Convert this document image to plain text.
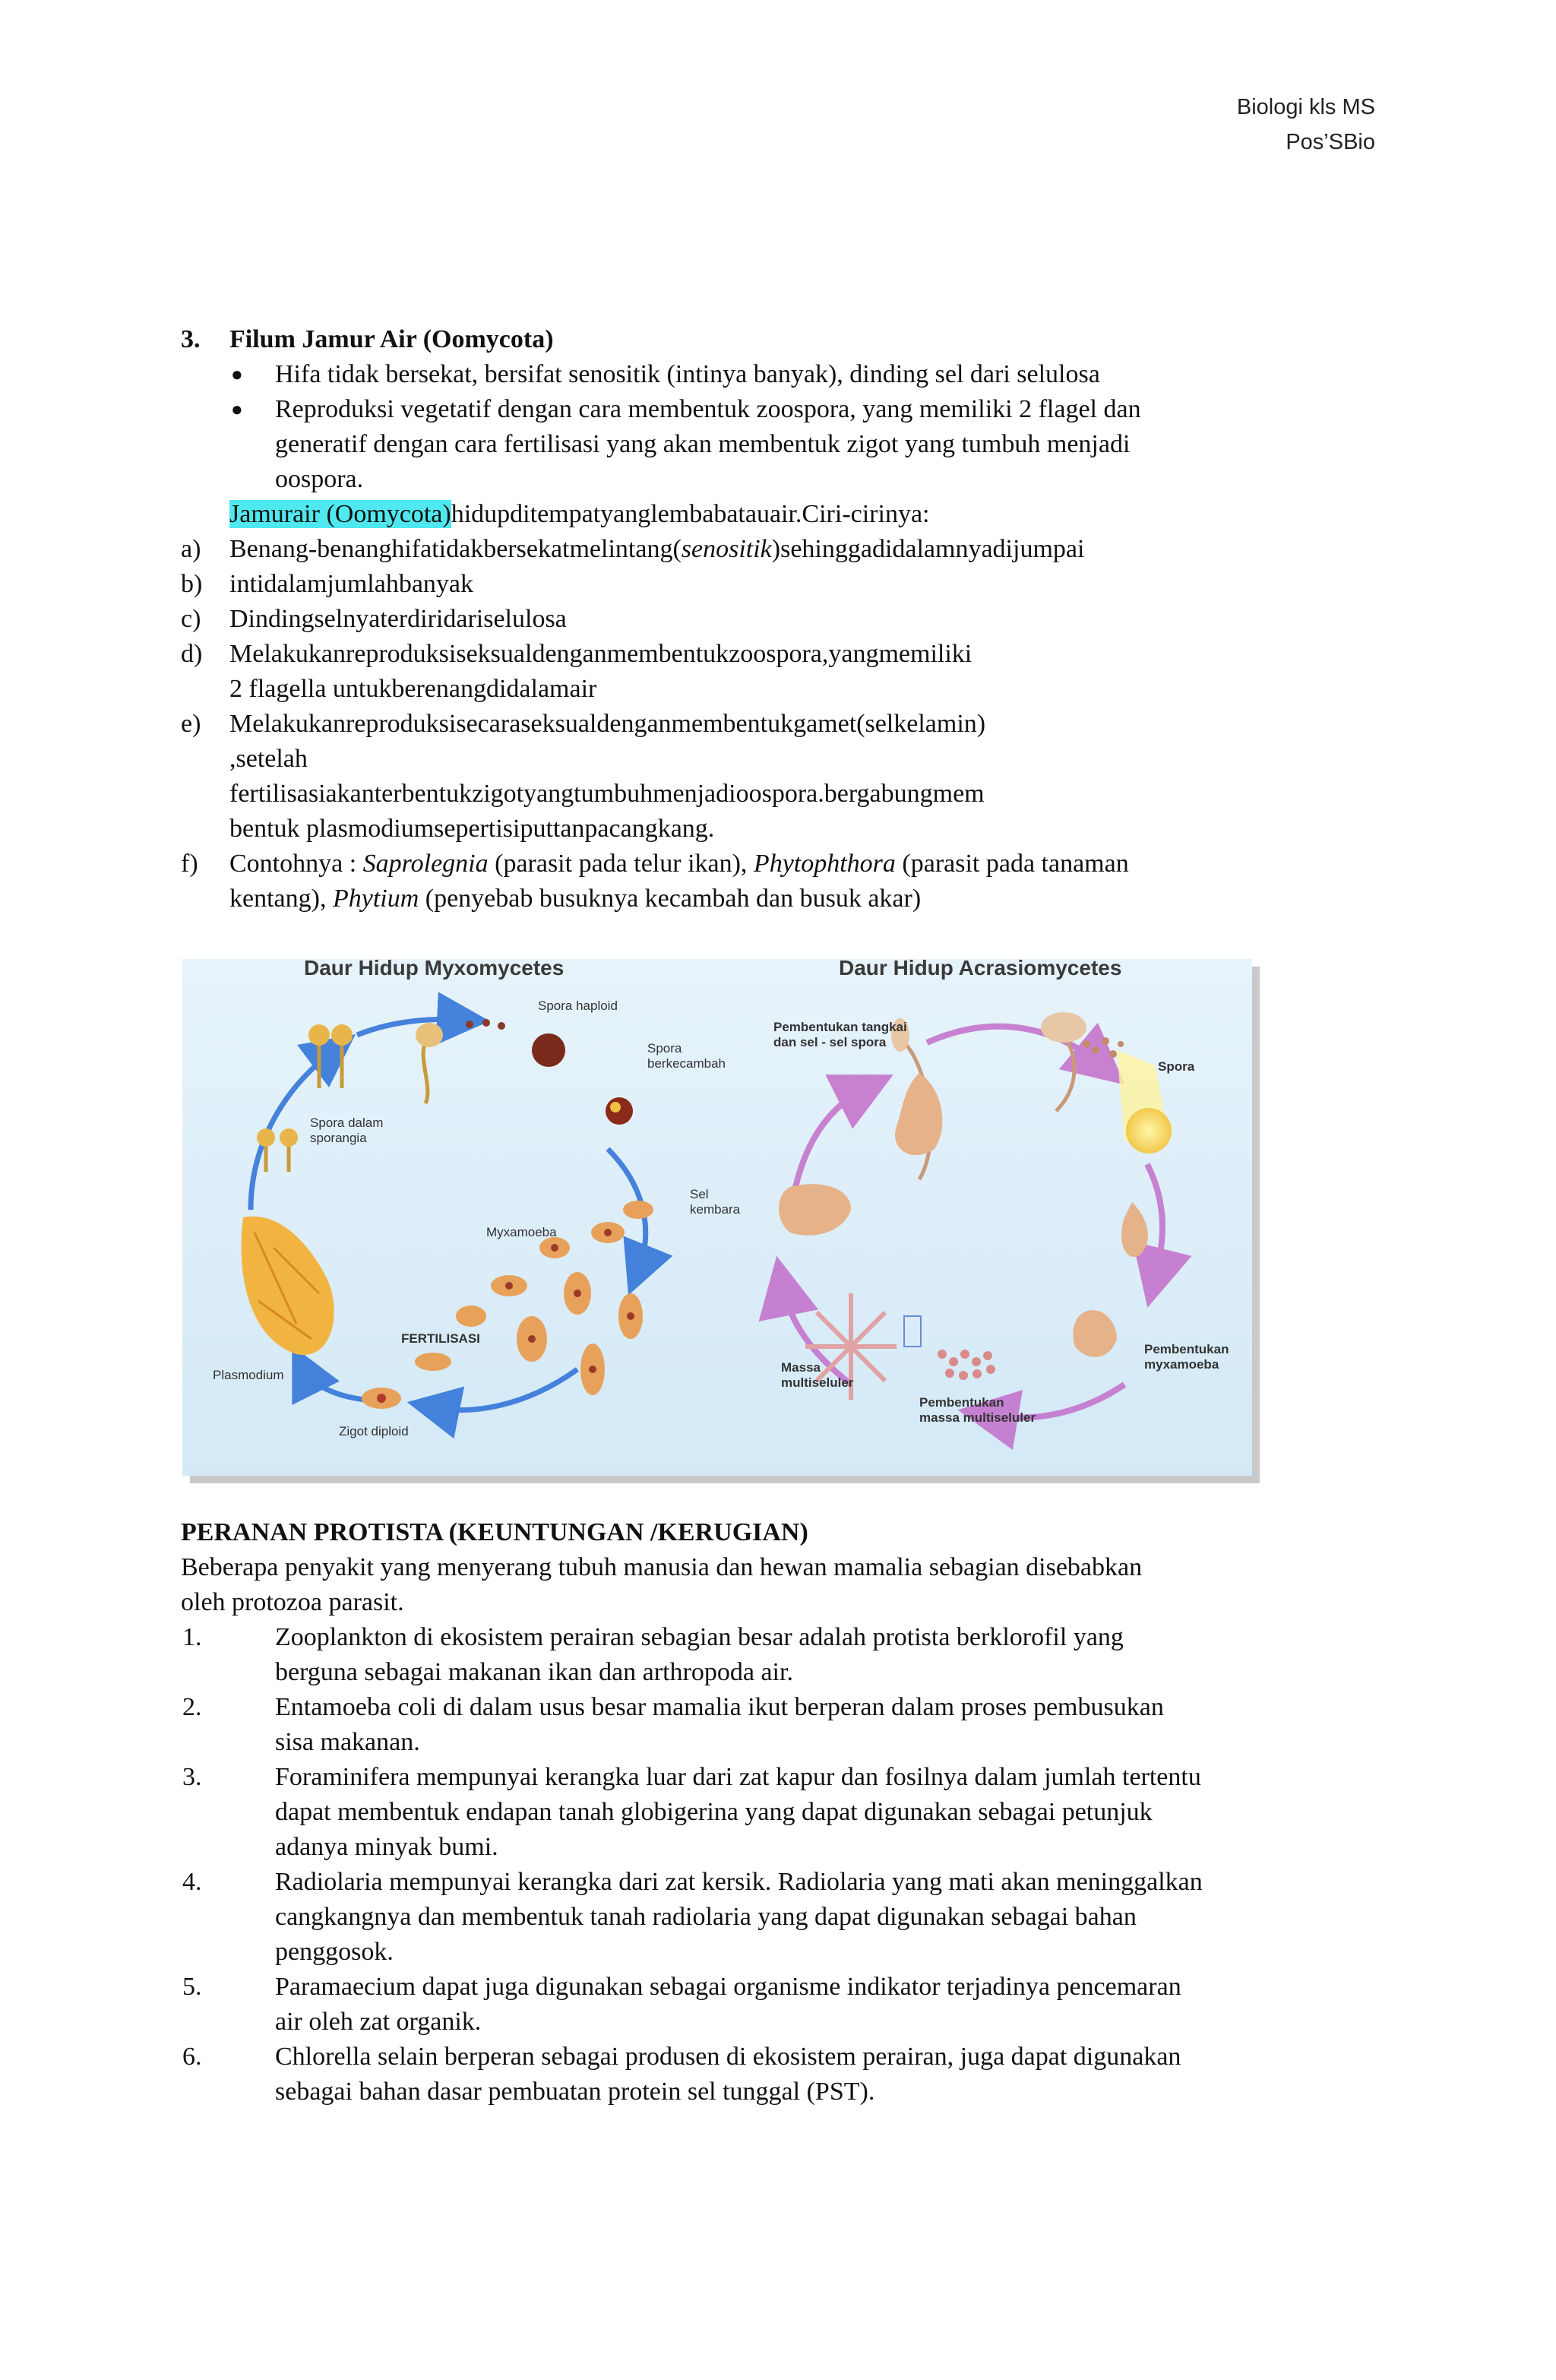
Biologi kls MS
Pos’SBio
3. Filum Jamur Air (Oomycota)
● Hifa tidak bersekat, bersifat senositik (intinya banyak), dinding sel dari selulosa
● Reproduksi vegetatif dengan cara membentuk zoospora, yang memiliki 2 flagel dan
generatif dengan cara fertilisasi yang akan membentuk zigot yang tumbuh menjadi
oospora.
Jamurair (Oomycota)hidupditempatyanglembabatauair.Ciri-cirinya:
a) Benang-benanghifatidakbersekatmelintang(senositik)sehinggadidalamnyadijumpai
b) intidalamjumlahbanyak
c) Dindingselnyaterdiridariselulosa
d) Melakukanreproduksiseksualdenganmembentukzoospora,yangmemiliki
2 flagella untukberenangdidalamair
e) Melakukanreproduksisecaraseksualdenganmembentukgamet(selkelamin)
,setelah
fertilisasiakanterbentukzigotyangtumbuhmenjadioospora.bergabungmem
bentuk plasmodiumsepertisiputtanpacangkang.
f) Contohnya : Saprolegnia (parasit pada telur ikan), Phytophthora (parasit pada tanaman
kentang), Phytium (penyebab busuknya kecambah dan busuk akar)
Daur Hidup Myxomycetes	Daur Hidup Acrasiomycetes
Spora haploid
Spora
berkecambah
Spora dalam
sporangia
Sel
kembara
Myxamoeba
FERTILISASI
Plasmodium
Zigot diploid
Pembentukan tangkai
dan sel - sel spora
Spora
Massa
multiseluler
Pembentukan
massa multiseluler
Pembentukan
myxamoeba
PERANAN PROTISTA (KEUNTUNGAN /KERUGIAN)
Beberapa penyakit yang menyerang tubuh manusia dan hewan mamalia sebagian disebabkan
oleh protozoa parasit.
1.	Zooplankton di ekosistem perairan sebagian besar adalah protista berklorofil yang
berguna sebagai makanan ikan dan arthropoda air.
2.	Entamoeba coli di dalam usus besar mamalia ikut berperan dalam proses pembusukan
sisa makanan.
3.	Foraminifera mempunyai kerangka luar dari zat kapur dan fosilnya dalam jumlah tertentu
dapat membentuk endapan tanah globigerina yang dapat digunakan sebagai petunjuk
adanya minyak bumi.
4.	Radiolaria mempunyai kerangka dari zat kersik. Radiolaria yang mati akan meninggalkan
cangkangnya dan membentuk tanah radiolaria yang dapat digunakan sebagai bahan
penggosok.
5.	Paramaecium dapat juga digunakan sebagai organisme indikator terjadinya pencemaran
air oleh zat organik.
6.	Chlorella selain berperan sebagai produsen di ekosistem perairan, juga dapat digunakan
sebagai bahan dasar pembuatan protein sel tunggal (PST).
